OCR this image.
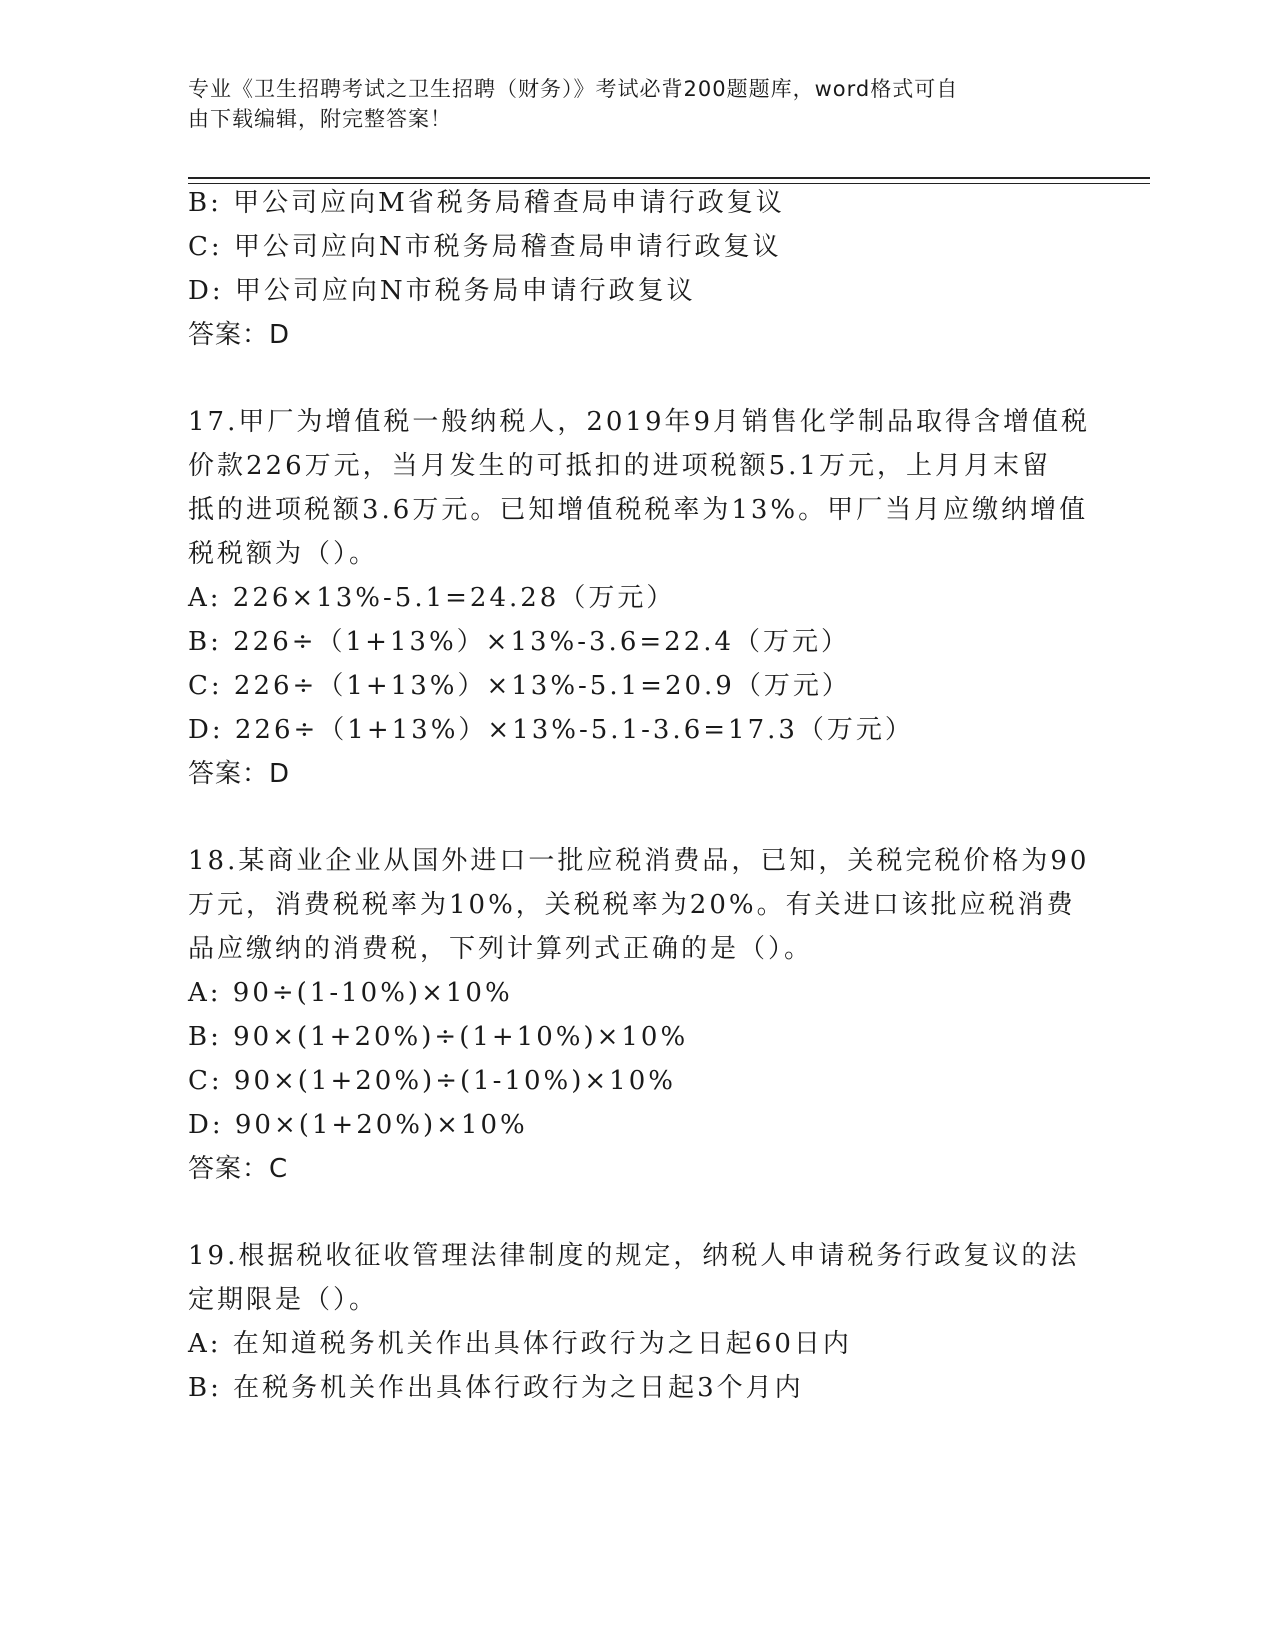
专业《卫生招聘考试之卫生招聘（财务）》考试必背200题题库，word格式可自
由下载编辑，附完整答案！
B: 甲公司应向M省税务局稽查局申请行政复议
C: 甲公司应向N市税务局稽查局申请行政复议
D: 甲公司应向N市税务局申请行政复议
答案：D
17.甲厂为增值税一般纳税人，2019年9月销售化学制品取得含增值税
价款226万元，当月发生的可抵扣的进项税额5.1万元，上月月末留
抵的进项税额3.6万元。已知增值税税率为13%。甲厂当月应缴纳增值
税税额为（）。
A: 226×13%-5.1=24.28（万元）
B: 226÷（1+13%）×13%-3.6=22.4（万元）
C: 226÷（1+13%）×13%-5.1=20.9（万元）
D: 226÷（1+13%）×13%-5.1-3.6=17.3（万元）
答案：D
18.某商业企业从国外进口一批应税消费品，已知，关税完税价格为90
万元，消费税税率为10%，关税税率为20%。有关进口该批应税消费
品应缴纳的消费税，下列计算列式正确的是（）。
A: 90÷(1-10%)×10%
B: 90×(1+20%)÷(1+10%)×10%
C: 90×(1+20%)÷(1-10%)×10%
D: 90×(1+20%)×10%
答案：C
19.根据税收征收管理法律制度的规定，纳税人申请税务行政复议的法
定期限是（）。
A: 在知道税务机关作出具体行政行为之日起60日内
B: 在税务机关作出具体行政行为之日起3个月内
